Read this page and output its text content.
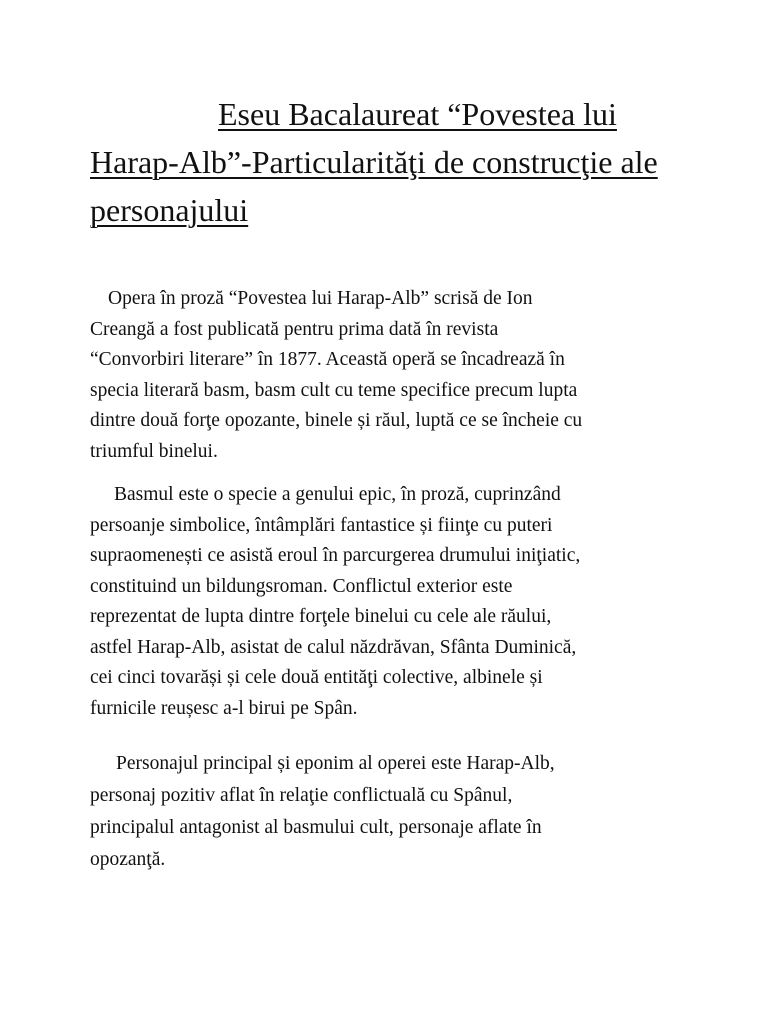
Eseu Bacalaureat “Povestea lui
Harap-Alb”-Particularităţi de construcţie ale
personajului

Opera în proză “Povestea lui Harap-Alb” scrisă de Ion
Creangă a fost publicată pentru prima dată în revista
“Convorbiri literare” în 1877. Această operă se încadrează în
specia literară basm, basm cult cu teme specifice precum lupta
dintre două forţe opozante, binele și răul, luptă ce se încheie cu
triumful binelui.

Basmul este o specie a genului epic, în proză, cuprinzând
persoanje simbolice, întâmplări fantastice și fiinţe cu puteri
supraomenești ce asistă eroul în parcurgerea drumului iniţiatic,
constituind un bildungsroman. Conflictul exterior este
reprezentat de lupta dintre forţele binelui cu cele ale răului,
astfel Harap-Alb, asistat de calul năzdrăvan, Sfânta Duminică,
cei cinci tovarăși și cele două entităţi colective, albinele și
furnicile reușesc a-l birui pe Spân.

Personajul principal și eponim al operei este Harap-Alb,
personaj pozitiv aflat în relaţie conflictuală cu Spânul,
principalul antagonist al basmului cult, personaje aflate în
opozanţă.
